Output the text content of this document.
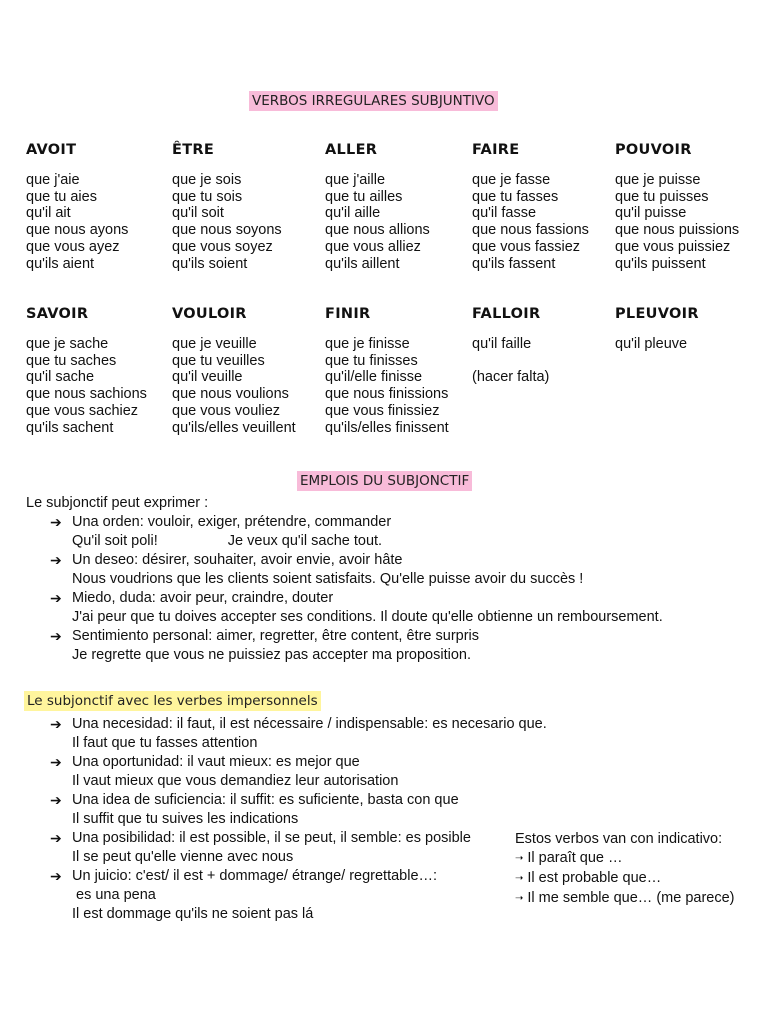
VERBOS IRREGULARES SUBJUNTIVO
AVOIT
que j'aie
que tu aies
qu'il ait
que nous ayons
que vous ayez
qu'ils aient
ÊTRE
que je sois
que tu sois
qu'il soit
que nous soyons
que vous soyez
qu'ils soient
ALLER
que j'aille
que tu ailles
qu'il aille
que nous allions
que vous alliez
qu'ils aillent
FAIRE
que je fasse
que tu fasses
qu'il fasse
que nous fassions
que vous fassiez
qu'ils fassent
POUVOIR
que je puisse
que tu puisses
qu'il puisse
que nous puissions
que vous puissiez
qu'ils puissent
SAVOIR
que je sache
que tu saches
qu'il sache
que nous sachions
que vous sachiez
qu'ils sachent
VOULOIR
que je veuille
que tu veuilles
qu'il veuille
que nous voulions
que vous vouliez
qu'ils/elles veuillent
FINIR
que je finisse
que tu finisses
qu'il/elle finisse
que nous finissions
que vous finissiez
qu'ils/elles finissent
FALLOIR
qu'il faille
(hacer falta)
PLEUVOIR
qu'il pleuve
EMPLOIS DU SUBJONCTIF
Le subjonctif peut exprimer :
➔ Una orden: vouloir, exiger, prétendre, commander
Qu'il soit poli!	Je veux qu'il sache tout.
➔ Un deseo: désirer, souhaiter, avoir envie, avoir hâte
Nous voudrions que les clients soient satisfaits. Qu'elle puisse avoir du succès !
➔ Miedo, duda: avoir peur, craindre, douter
J'ai peur que tu doives accepter ses conditions. Il doute qu'elle obtienne un remboursement.
➔ Sentimiento personal: aimer, regretter, être content, être surpris
Je regrette que vous ne puissiez pas accepter ma proposition.
Le subjonctif avec les verbes impersonnels
➔ Una necesidad: il faut, il est nécessaire / indispensable: es necesario que.
Il faut que tu fasses attention
➔ Una oportunidad: il vaut mieux: es mejor que
Il vaut mieux que vous demandiez leur autorisation
➔ Una idea de suficiencia: il suffit: es suficiente, basta con que
Il suffit que tu suives les indications
➔ Una posibilidad: il est possible, il se peut, il semble: es posible
Il se peut qu'elle vienne avec nous
➔ Un juicio: c'est/ il est + dommage/ étrange/ regrettable…:
es una pena
Il est dommage qu'ils ne soient pas lá
Estos verbos van con indicativo:
➝ Il paraît que …
➝ Il est probable que…
➝ Il me semble que… (me parece)
